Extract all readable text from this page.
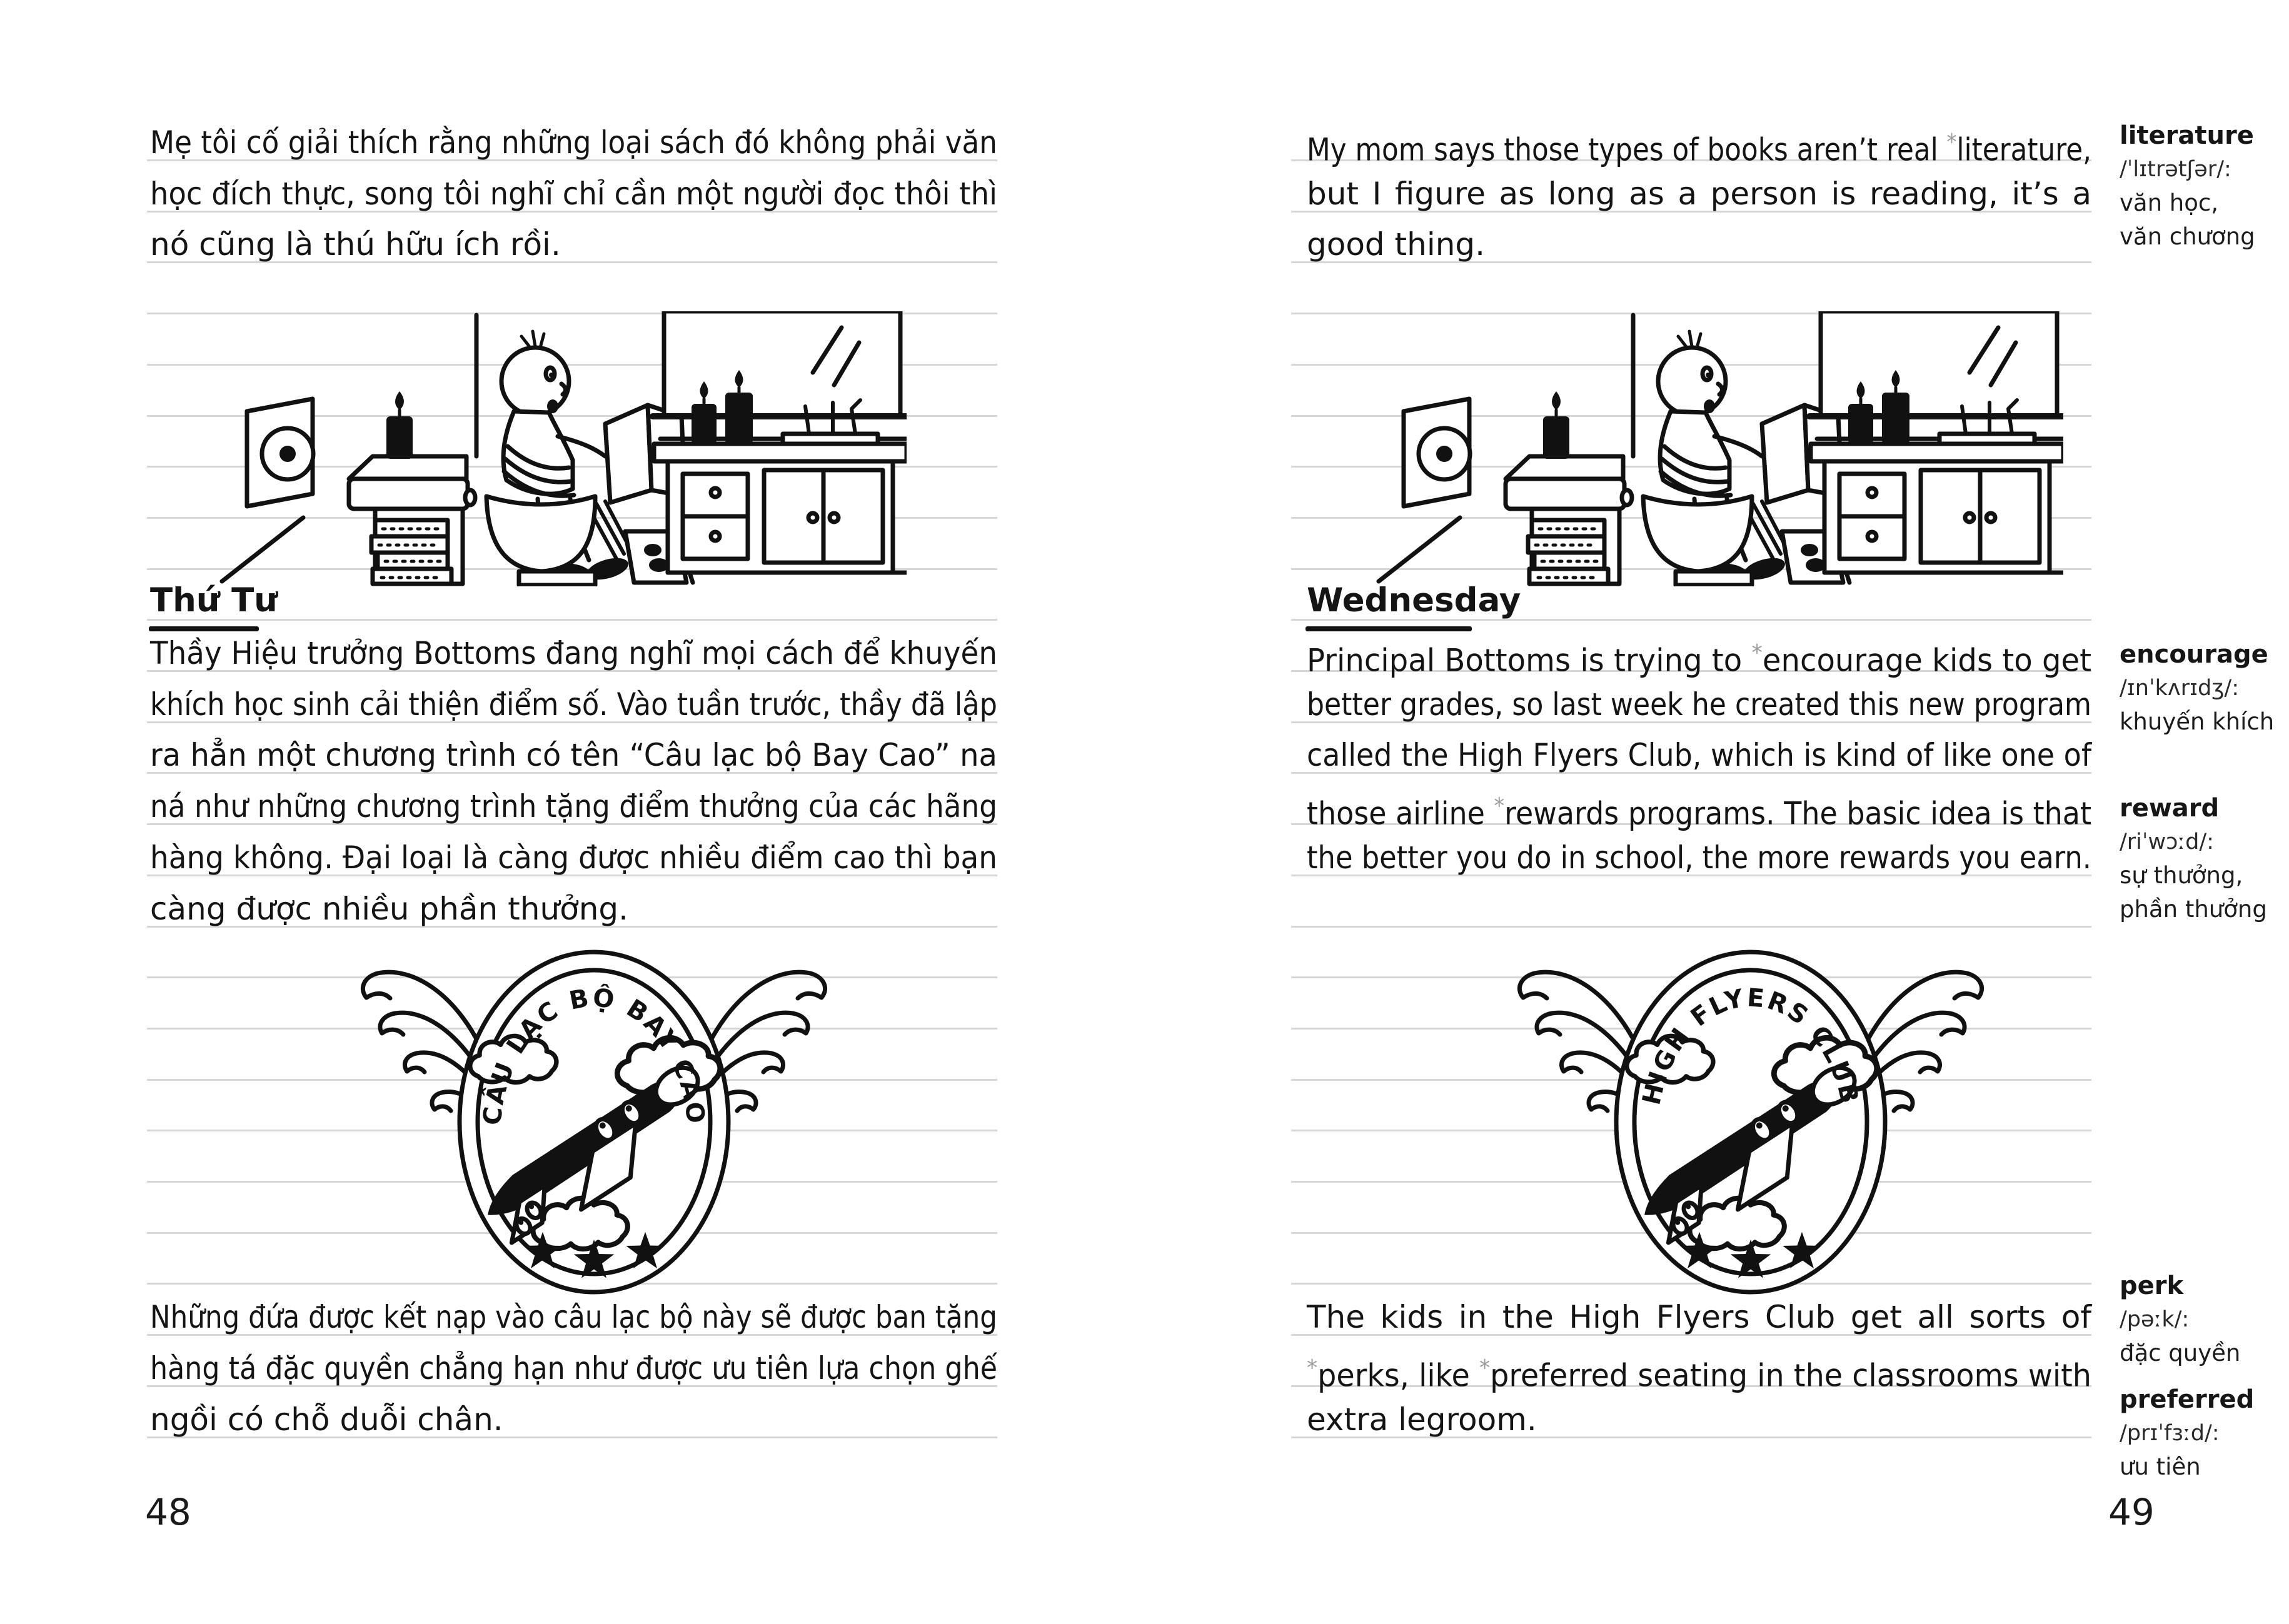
Mẹ tôi cố giải thích rằng những loại sách đó không phải văn
học đích thực, song tôi nghĩ chỉ cần một người đọc thôi thì
nó cũng là thú hữu ích rồi.
Thứ Tư
Thầy Hiệu trưởng Bottoms đang nghĩ mọi cách để khuyến
khích học sinh cải thiện điểm số. Vào tuần trước, thầy đã lập
ra hẳn một chương trình có tên “Câu lạc bộ Bay Cao” na
ná như những chương trình tặng điểm thưởng của các hãng
hàng không. Đại loại là càng được nhiều điểm cao thì bạn
càng được nhiều phần thưởng.
CÂU LẠC BỘ BAY CAO
Những đứa được kết nạp vào câu lạc bộ này sẽ được ban tặng
hàng tá đặc quyền chẳng hạn như được ưu tiên lựa chọn ghế
ngồi có chỗ duỗi chân.
48
My mom says those types of books aren’t real *literature,
but I figure as long as a person is reading, it’s a
good thing.
Wednesday
Principal Bottoms is trying to *encourage kids to get
better grades, so last week he created this new program
called the High Flyers Club, which is kind of like one of
those airline *rewards programs. The basic idea is that
the better you do in school, the more rewards you earn.
HIGH FLYERS CLUB
The kids in the High Flyers Club get all sorts of
*perks, like *preferred seating in the classrooms with
extra legroom.
49
literature
/ˈlɪtrətʃər/:
văn học,
văn chương
encourage
/ɪnˈkʌrɪdʒ/:
khuyến khích
reward
/riˈwɔːd/:
sự thưởng,
phần thưởng
perk
/pəːk/:
đặc quyền
preferred
/prɪˈfɜːd/:
ưu tiên
